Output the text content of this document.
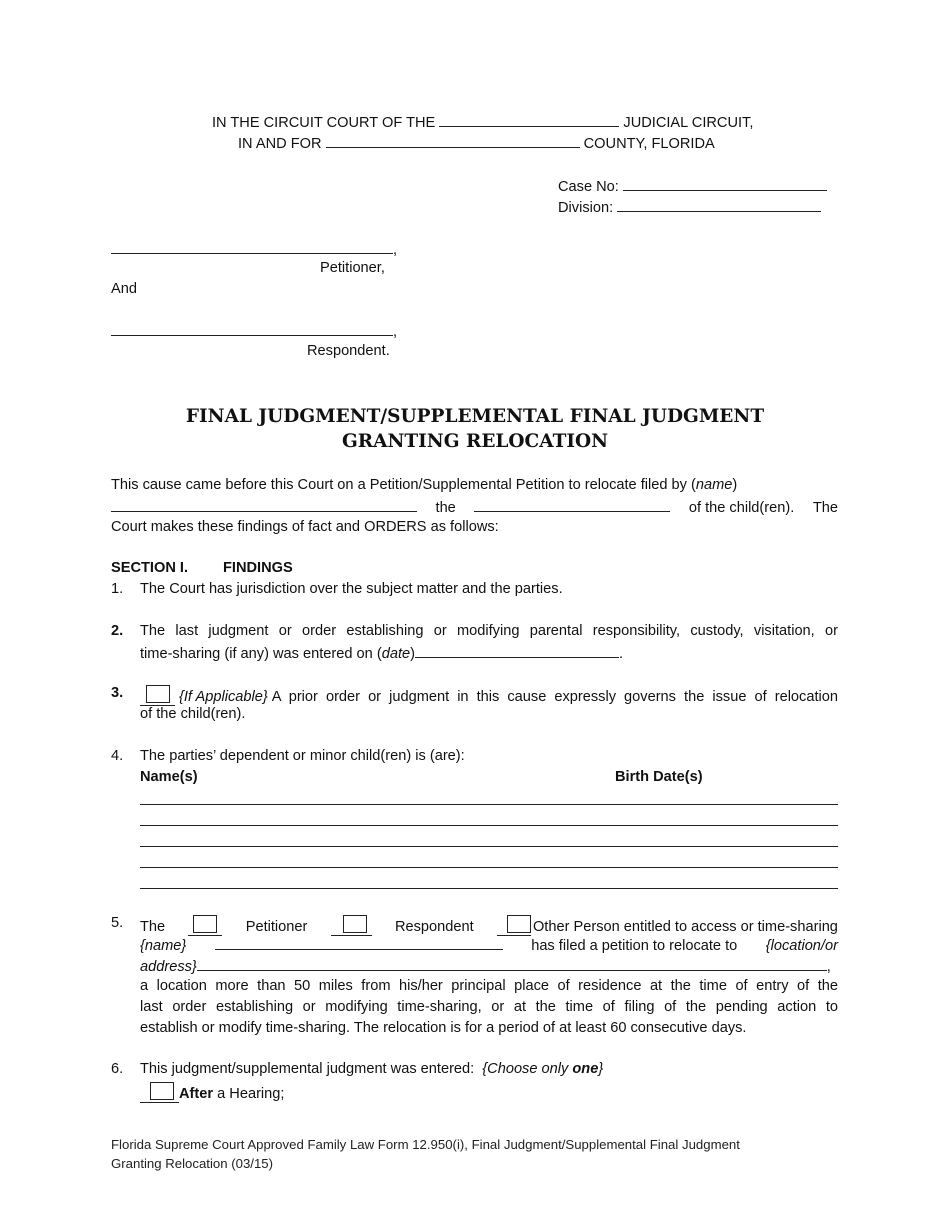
IN THE CIRCUIT COURT OF THE	JUDICIAL CIRCUIT,
IN AND FOR	COUNTY, FLORIDA
Case No:
Division:
,
Petitioner,
And
,
Respondent.
FINAL JUDGMENT/SUPPLEMENTAL FINAL JUDGMENT
GRANTING RELOCATION
This cause came before this Court on a Petition/Supplemental Petition to relocate filed by (name)
the	of the child(ren). The
Court makes these findings of fact and ORDERS as follows:
SECTION I. FINDINGS
1. The Court has jurisdiction over the subject matter and the parties.
2. The last judgment or order establishing or modifying parental responsibility, custody, visitation, or
time-sharing (if any) was entered on (date)	.
3.	{If Applicable} A prior order or judgment in this cause expressly governs the issue of relocation
of the child(ren).
4. The parties’ dependent or minor child(ren) is (are):
Name(s)	Birth Date(s)
5. The	Petitioner	Respondent	Other Person entitled to access or time-sharing
{name}	has filed a petition to relocate to {location/or
address}	,
a location more than 50 miles from his/her principal place of residence at the time of entry of the
last order establishing or modifying time-sharing, or at the time of filing of the pending action to
establish or modify time-sharing. The relocation is for a period of at least 60 consecutive days.
6. This judgment/supplemental judgment was entered: {Choose only one}
After a Hearing;
Florida Supreme Court Approved Family Law Form 12.950(i), Final Judgment/Supplemental Final Judgment
Granting Relocation (03/15)
